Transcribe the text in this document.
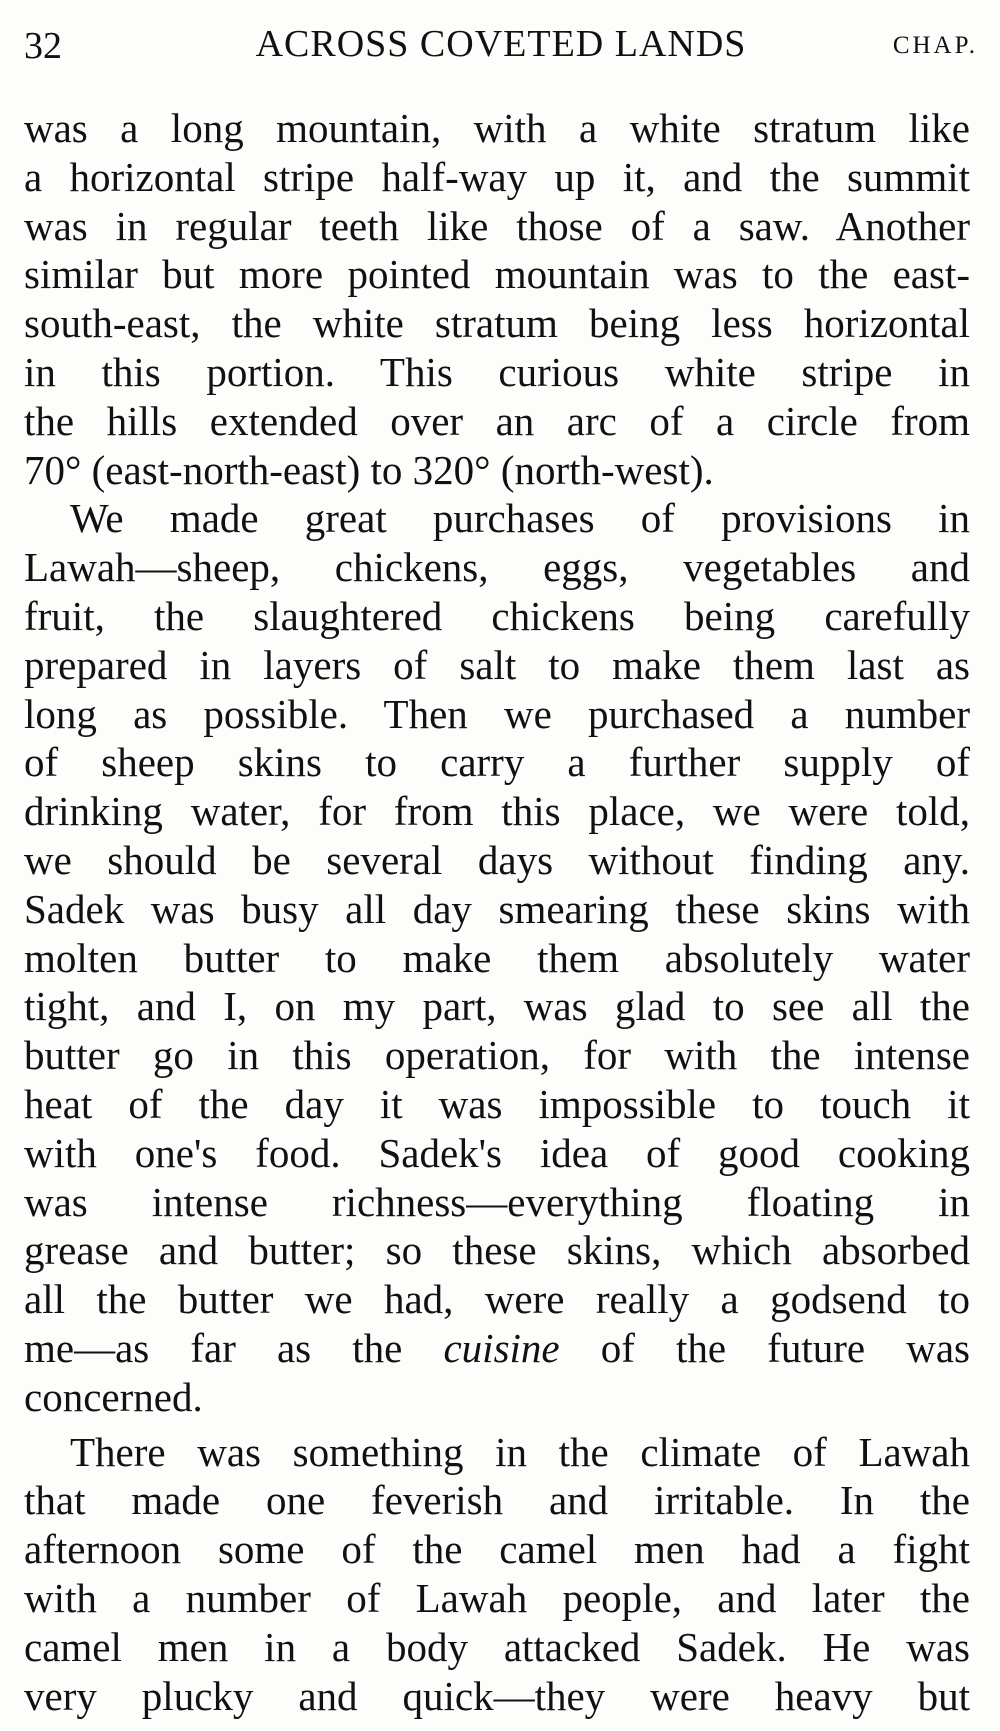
32	ACROSS COVETED LANDS	CHAP.
was a long mountain, with a white stratum like
a horizontal stripe half-way up it, and the summit
was in regular teeth like those of a saw. Another
similar but more pointed mountain was to the east-
south-east, the white stratum being less horizontal
in this portion. This curious white stripe in
the hills extended over an arc of a circle from
70° (east-north-east) to 320° (north-west).
We made great purchases of provisions in
Lawah—sheep, chickens, eggs, vegetables and
fruit, the slaughtered chickens being carefully
prepared in layers of salt to make them last as
long as possible. Then we purchased a number
of sheep skins to carry a further supply of
drinking water, for from this place, we were told,
we should be several days without finding any.
Sadek was busy all day smearing these skins with
molten butter to make them absolutely water
tight, and I, on my part, was glad to see all the
butter go in this operation, for with the intense
heat of the day it was impossible to touch it
with one's food. Sadek's idea of good cooking
was intense richness—everything floating in
grease and butter; so these skins, which absorbed
all the butter we had, were really a godsend to
me—as far as the cuisine of the future was
concerned.
There was something in the climate of Lawah
that made one feverish and irritable. In the
afternoon some of the camel men had a fight
with a number of Lawah people, and later the
camel men in a body attacked Sadek. He was
very plucky and quick—they were heavy but
